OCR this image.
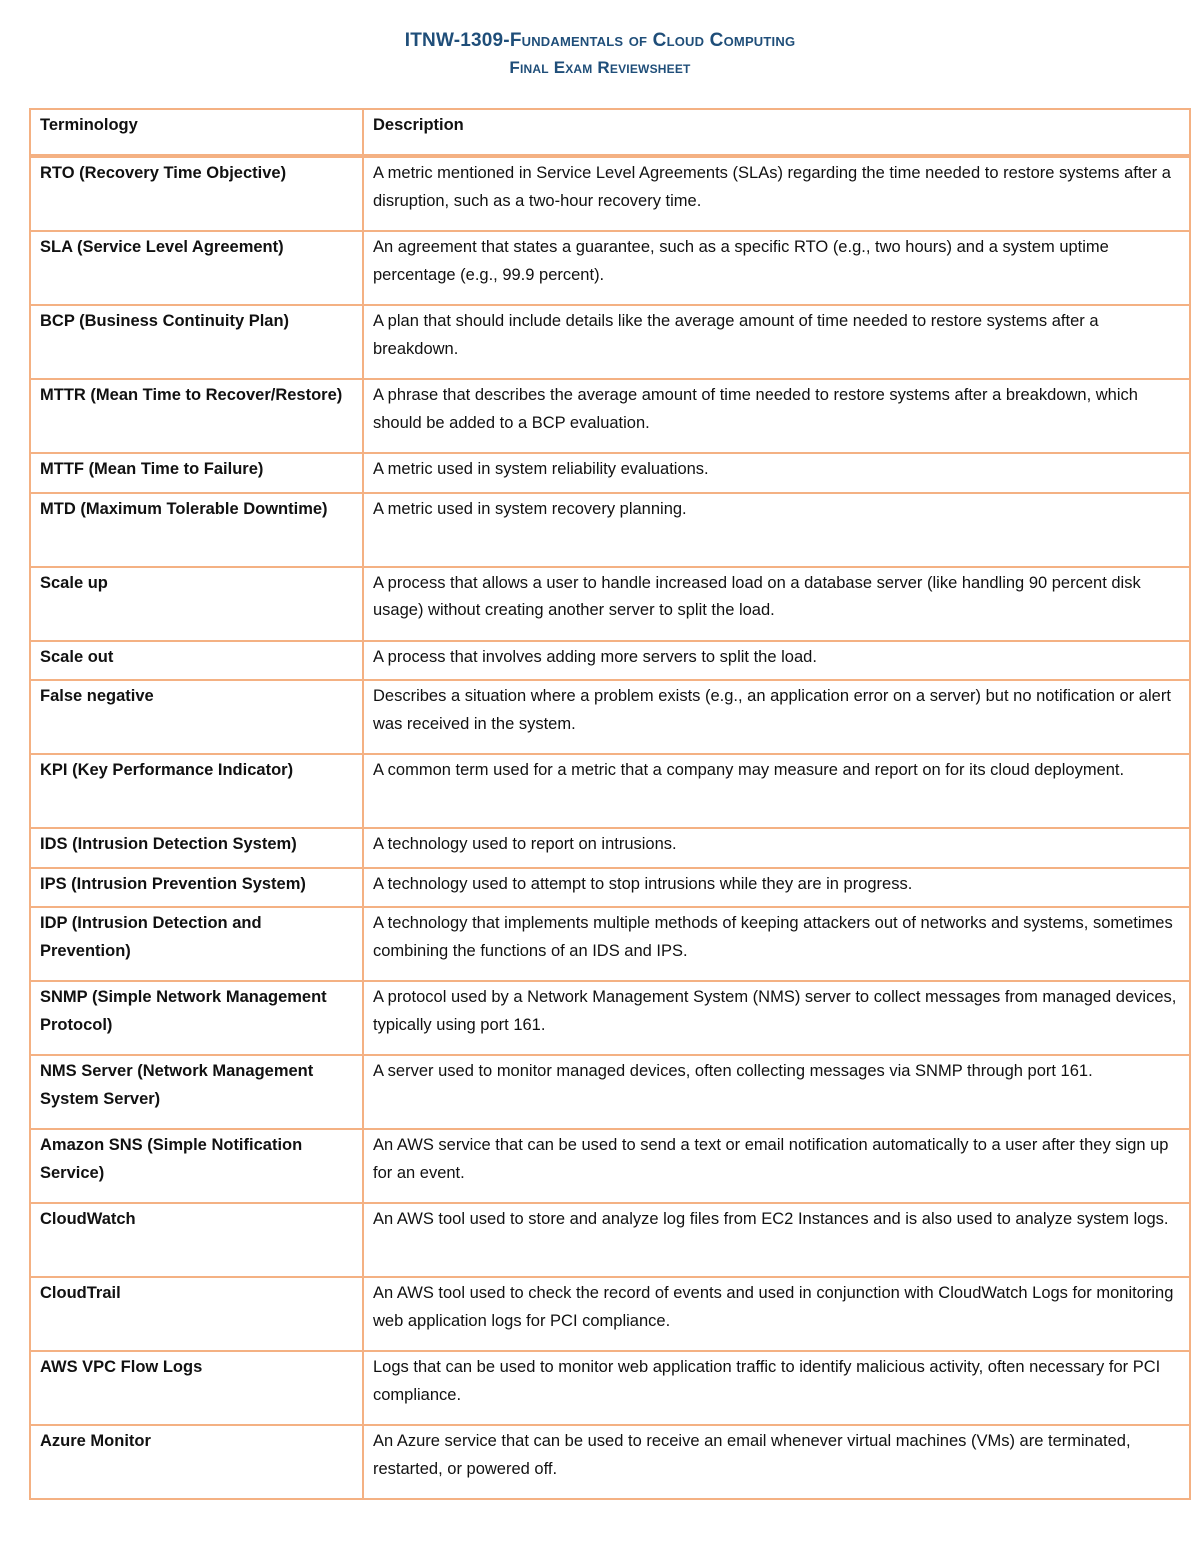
ITNW-1309-Fundamentals of Cloud Computing
Final Exam Reviewsheet
Terminology	Description
RTO (Recovery Time Objective)	A metric mentioned in Service Level Agreements (SLAs) regarding the time needed to restore systems after a disruption, such as a two-hour recovery time.
SLA (Service Level Agreement)	An agreement that states a guarantee, such as a specific RTO (e.g., two hours) and a system uptime percentage (e.g., 99.9 percent).
BCP (Business Continuity Plan)	A plan that should include details like the average amount of time needed to restore systems after a breakdown.
MTTR (Mean Time to Recover/Restore)	A phrase that describes the average amount of time needed to restore systems after a breakdown, which should be added to a BCP evaluation.
MTTF (Mean Time to Failure)	A metric used in system reliability evaluations.
MTD (Maximum Tolerable Downtime)	A metric used in system recovery planning.
Scale up	A process that allows a user to handle increased load on a database server (like handling 90 percent disk usage) without creating another server to split the load.
Scale out	A process that involves adding more servers to split the load.
False negative	Describes a situation where a problem exists (e.g., an application error on a server) but no notification or alert was received in the system.
KPI (Key Performance Indicator)	A common term used for a metric that a company may measure and report on for its cloud deployment.
IDS (Intrusion Detection System)	A technology used to report on intrusions.
IPS (Intrusion Prevention System)	A technology used to attempt to stop intrusions while they are in progress.
IDP (Intrusion Detection and Prevention)	A technology that implements multiple methods of keeping attackers out of networks and systems, sometimes combining the functions of an IDS and IPS.
SNMP (Simple Network Management Protocol)	A protocol used by a Network Management System (NMS) server to collect messages from managed devices, typically using port 161.
NMS Server (Network Management System Server)	A server used to monitor managed devices, often collecting messages via SNMP through port 161.
Amazon SNS (Simple Notification Service)	An AWS service that can be used to send a text or email notification automatically to a user after they sign up for an event.
CloudWatch	An AWS tool used to store and analyze log files from EC2 Instances and is also used to analyze system logs.
CloudTrail	An AWS tool used to check the record of events and used in conjunction with CloudWatch Logs for monitoring web application logs for PCI compliance.
AWS VPC Flow Logs	Logs that can be used to monitor web application traffic to identify malicious activity, often necessary for PCI compliance.
Azure Monitor	An Azure service that can be used to receive an email whenever virtual machines (VMs) are terminated, restarted, or powered off.
